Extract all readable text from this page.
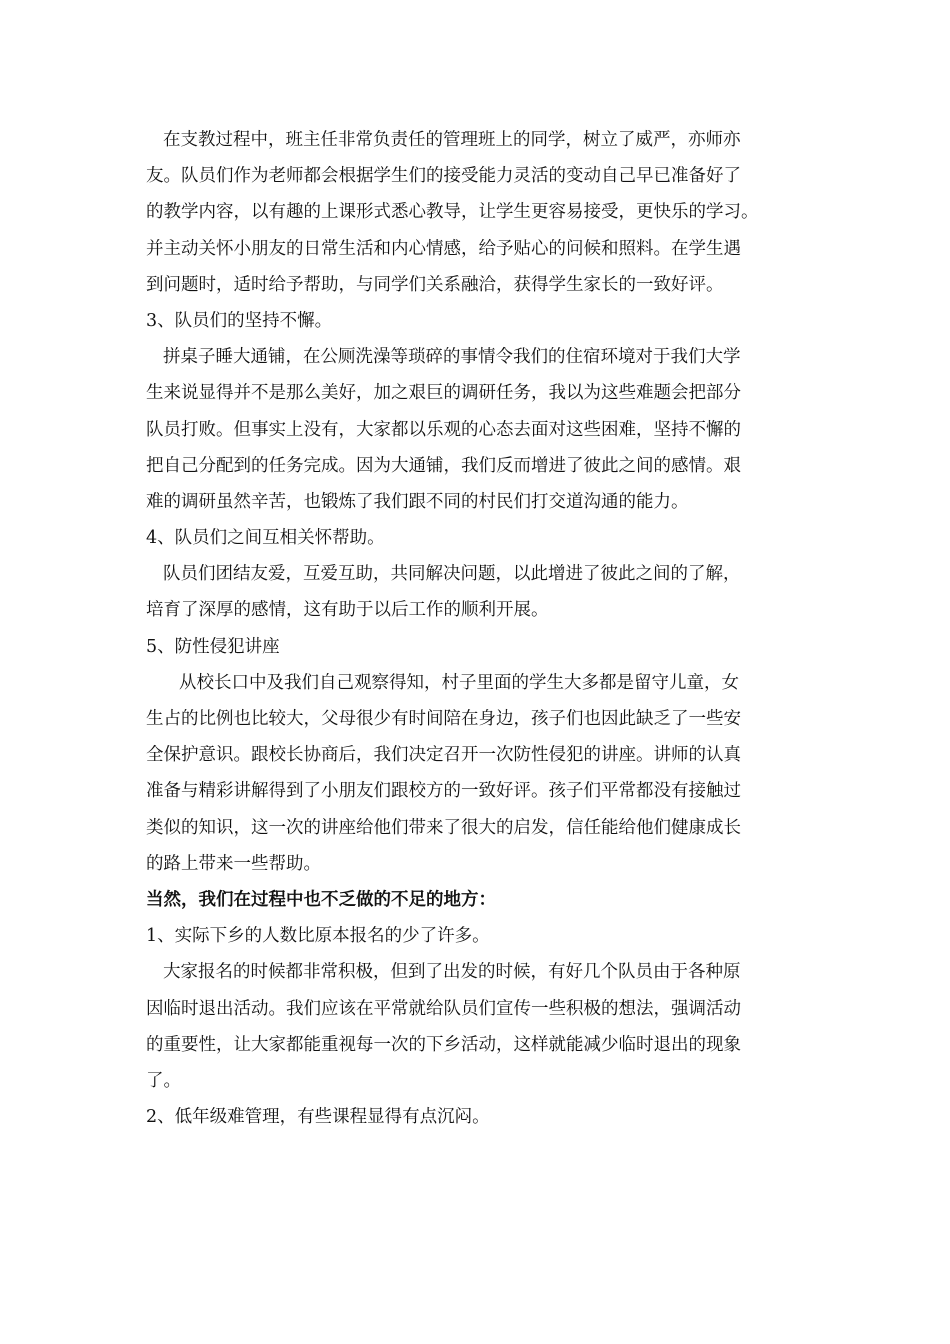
在支教过程中，班主任非常负责任的管理班上的同学，树立了威严，亦师亦
友。队员们作为老师都会根据学生们的接受能力灵活的变动自己早已准备好了
的教学内容，以有趣的上课形式悉心教导，让学生更容易接受，更快乐的学习。
并主动关怀小朋友的日常生活和内心情感，给予贴心的问候和照料。在学生遇
到问题时，适时给予帮助，与同学们关系融洽，获得学生家长的一致好评。
3、队员们的坚持不懈。
拼桌子睡大通铺，在公厕洗澡等琐碎的事情令我们的住宿环境对于我们大学
生来说显得并不是那么美好，加之艰巨的调研任务，我以为这些难题会把部分
队员打败。但事实上没有，大家都以乐观的心态去面对这些困难，坚持不懈的
把自己分配到的任务完成。因为大通铺，我们反而增进了彼此之间的感情。艰
难的调研虽然辛苦，也锻炼了我们跟不同的村民们打交道沟通的能力。
4、队员们之间互相关怀帮助。
队员们团结友爱，互爱互助，共同解决问题，以此增进了彼此之间的了解，
培育了深厚的感情，这有助于以后工作的顺利开展。
5、防性侵犯讲座
从校长口中及我们自己观察得知，村子里面的学生大多都是留守儿童，女
生占的比例也比较大，父母很少有时间陪在身边，孩子们也因此缺乏了一些安
全保护意识。跟校长协商后，我们决定召开一次防性侵犯的讲座。讲师的认真
准备与精彩讲解得到了小朋友们跟校方的一致好评。孩子们平常都没有接触过
类似的知识，这一次的讲座给他们带来了很大的启发，信任能给他们健康成长
的路上带来一些帮助。
当然，我们在过程中也不乏做的不足的地方：
1、实际下乡的人数比原本报名的少了许多。
大家报名的时候都非常积极，但到了出发的时候，有好几个队员由于各种原
因临时退出活动。我们应该在平常就给队员们宣传一些积极的想法，强调活动
的重要性，让大家都能重视每一次的下乡活动，这样就能减少临时退出的现象
了。
2、低年级难管理，有些课程显得有点沉闷。
